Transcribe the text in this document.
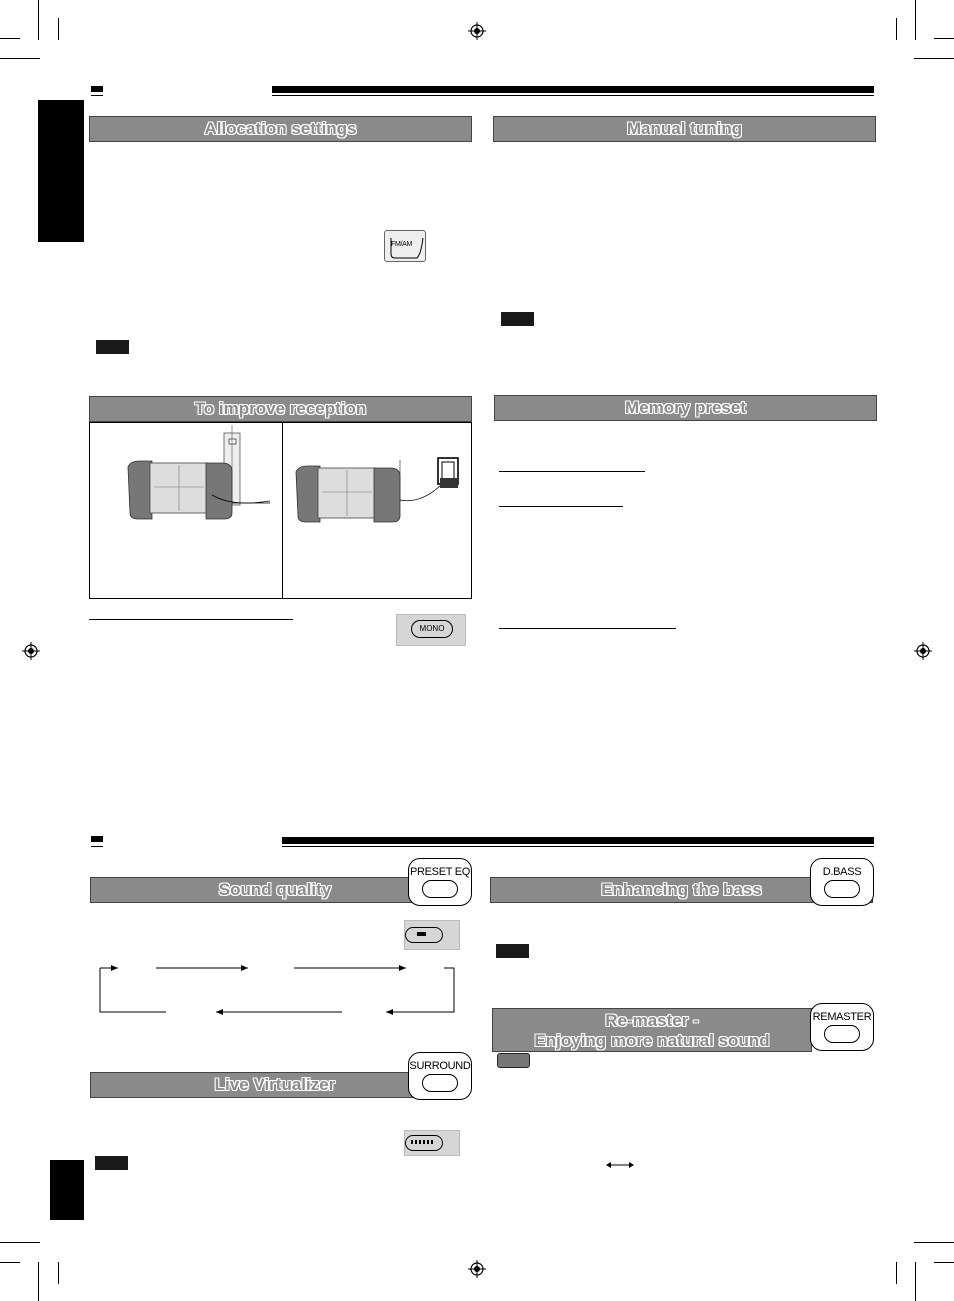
Allocation settings
FM/AM
Manual tuning
To improve reception
MONO
Memory preset
Sound quality
PRESET EQ
Enhancing the bass
D.BASS
Live Virtualizer
SURROUND
Re-master -
Enjoying more natural sound
REMASTER
